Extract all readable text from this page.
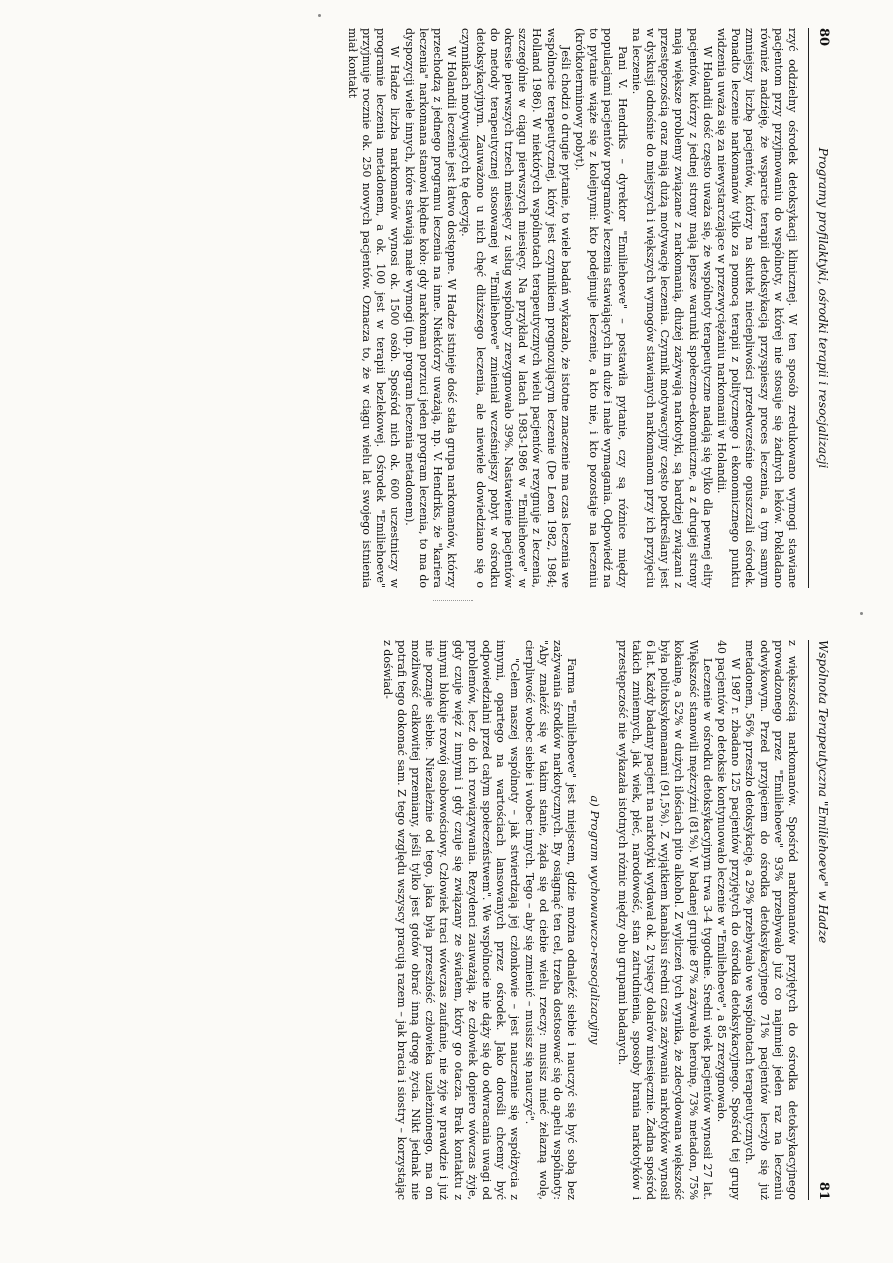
80
Programy profilaktyki, ośrodki terapii i resocjalizacji

rzyć oddzielny ośrodek detoksykacji klinicznej. W ten sposób zredukowano wymogi stawiane pacjentom przy przyjmowaniu do wspólnoty, w której nie stosuje się żadnych leków. Pokładano również nadzieję, że wsparcie terapii detoksykacją przyspieszy proces leczenia, a tym samym zmniejszy liczbę pacjentów, którzy na skutek nieciepliwości przedwcześnie opuszczali ośrodek. Ponadto leczenie narkomanów tylko za pomocą terapii z politycznego i ekonomicznego punktu widzenia uważa się za niewystarczające w przezwyciężaniu narkomanii w Holandii.

W Holandii dość często uważa się, że wspólnoty terapeutyczne nadają się tylko dla pewnej elity pacjentów, którzy z jednej strony mają lepsze warunki społeczno-ekonomiczne, a z drugiej strony mają większe problemy związane z narkomanią, dłużej zażywają narkotyki, są bardziej związani z przestępczością oraz mają dużą motywację leczenia. Czynnik motywacyjny często podkreślany jest w dyskusji odnośnie do miejszych i większych wymogów stawianych narkomanom przy ich przyjęciu na leczenie.

Pani V. Hendriks – dyrektor "Emiliehoeve" – postawiła pytanie, czy są różnice między populacjami pacjentów programów leczenia stawiających im duże i małe wymagania. Odpowiedź na to pytanie wiąże się z kolejnymi: kto podejmuje leczenie, a kto nie, i kto pozostaje na leczeniu (krótkoterminowy pobyt).

Jeśli chodzi o drugie pytanie, to wiele badań wykazało, że istotne znaczenie ma czas leczenia we wspólnocie terapeutycznej, który jest czynnikiem prognozującym leczenie (De Leon 1982, 1984; Holland 1986). W niektórych wspólnotach terapeutycznych wielu pacjentów rezygnuje z leczenia, szczególnie w ciągu pierwszych miesięcy. Na przykład w latach 1983-1986 w "Emiliehoeve" w okresie pierwszych trzech miesięcy z usług wspólnoty zrezygnowało 39%. Nastawienie pacjentów do metody terapeutycznej stosowanej w "Emiliehoeve" zmieniał wcześniejszy pobyt w ośrodku detoksykacyjnym. Zauważono u nich chęć dłuższego leczenia, ale niewiele dowiedziano się o czynnikach motywujących tę decyzję.

W Holandii leczenie jest łatwo dostępne. W Hadze istnieje dość stała grupa narkomanów, którzy przechodzą z jednego programu leczenia na inne. Niektórzy uważają, np. V. Hendriks, że "kariera leczenia" narkomana stanowi błędne koło: gdy narkoman porzuci jeden program leczenia, to ma do dyspozycji wiele innych, które stawiają małe wymogi (np. program leczenia metadonem).

W Hadze liczba narkomanów wynosi ok. 1500 osób. Spośród nich ok. 600 uczestniczy w programie leczenia metadonem, a ok. 100 jest w terapii bezlekowej. Ośrodek "Emiliehoeve" przyjmuje rocznie ok. 250 nowych pacjentów. Oznacza to, że w ciągu wielu lat swojego istnienia miał kontakt

Wspólnota Terapeutyczna "Emiliehoeve" w Hadze
81

z większością narkomanów. Spośród narkomanów przyjętych do ośrodka detoksykacyjnego prowadzonego przez "Emiliehoeve" 93% przebywało już co najmniej jeden raz na leczeniu odwykowym. Przed przyjęciem do ośrodka detoksykacyjnego 71% pacjentów leczyło się już metadonem, 56% przeszło detoksykację, a 29% przebywało we wspólnotach terapeutycznych.

W 1987 r. zbadano 125 pacjentów przyjętych do ośrodka detoksykacyjnego. Spośród tej grupy 40 pacjentów po detoksie kontynuowało leczenie w "Emiliehoeve", a 85 zrezygnowało.

Leczenie w ośrodku detoksykacyjnym trwa 3-4 tygodnie. Średni wiek pacjentów wynosił 27 lat. Większość stanowili mężczyźni (81%). W badanej grupie 87% zażywało heroinę, 73% metadon, 75% kokainę, a 52% w dużych ilościach pito alkohol. Z wyliczeń tych wynika, że zdecydowana większość była politoksykomanami (91,5%). Z wyjątkiem kanabisu średni czas zażywania narkotyków wynosił 6 lat. Każdy badany pacjent na narkotyki wydawał ok. 2 tysięcy dolarów miesięcznie. Żadna spośród takich zmiennych, jak wiek, płeć, narodowość, stan zatrudnienia, sposoby brania narkotyków i przestępczość nie wykazała istotnych różnic między obu grupami badanych.

a) Program wychowawczo-resocjalizacyjny

Farma "Emiliehoeve" jest miejscem, gdzie można odnaleźć siebie i nauczyć się być sobą bez zażywania środków narkotycznych. By osiągnąć ten cel, trzeba dostosować się do apelu wspólnoty: "Aby znaleźć się w takim stanie, żąda się od ciebie wielu rzeczy: musisz mieć żelazną wolę, cierpliwość wobec siebie i wobec innych. Tego – aby się zmienić – musisz się nauczyć".

"Celem naszej wspólnoty – jak stwierdzają jej członkowie – jest nauczenie się współżycia z innymi, opartego na wartościach lansowanych przez ośrodek. Jako dorośli chcemy być odpowiedzialni przed całym społeczeństwem". We wspólnocie nie dąży się do odwracania uwagi od problemów, lecz do ich rozwiązywania. Rezydenci zauważają, że człowiek dopiero wówczas żyje, gdy czuje więź z innymi i gdy czuje się związany ze światem, który go otacza. Brak kontaktu z innymi blokuje rozwój osobowościowy. Człowiek traci wówczas zaufanie, nie żyje w prawdzie i już nie poznaje siebie. Niezależnie od tego, jaka była przeszłość człowieka uzależnionego, ma on możliwość całkowitej przemiany, jeśli tylko jest gotów obrać inną drogę życia. Nikt jednak nie potrafi tego dokonać sam. Z tego względu wszyscy pracują razem – jak bracia i siostry – korzystając z doświad-
